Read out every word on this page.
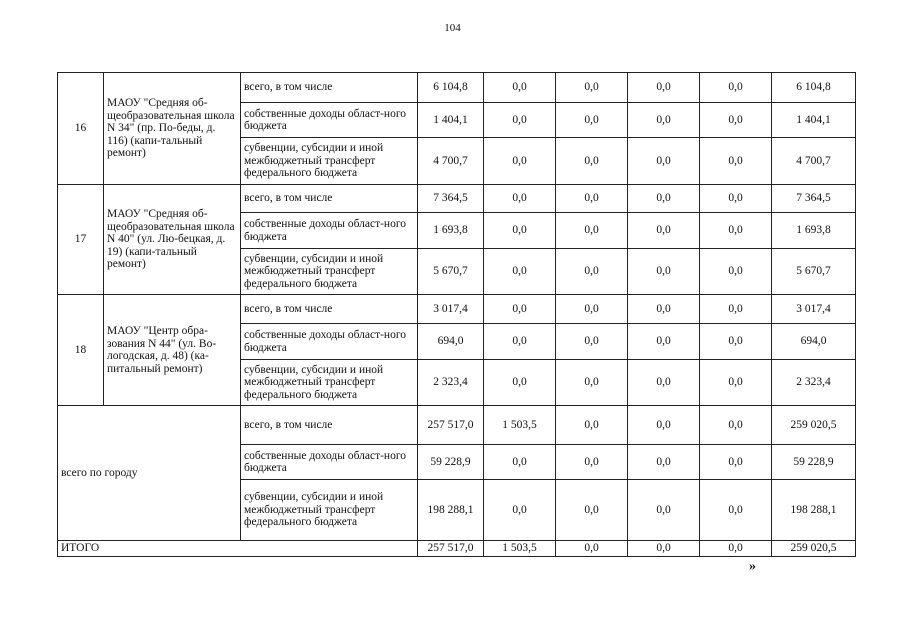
104
16	МАОУ "Средняя об-щеобразовательная школа N 34" (пр. По-беды, д. 116) (капи-тальный ремонт)	всего, в том числе	6 104,8	0,0	0,0	0,0	0,0	6 104,8
		собственные доходы област-ного бюджета	1 404,1	0,0	0,0	0,0	0,0	1 404,1
		субвенции, субсидии и иной межбюджетный трансферт федерального бюджета	4 700,7	0,0	0,0	0,0	0,0	4 700,7
17	МАОУ "Средняя об-щеобразовательная школа N 40" (ул. Лю-бецкая, д. 19) (капи-тальный ремонт)	всего, в том числе	7 364,5	0,0	0,0	0,0	0,0	7 364,5
		собственные доходы област-ного бюджета	1 693,8	0,0	0,0	0,0	0,0	1 693,8
		субвенции, субсидии и иной межбюджетный трансферт федерального бюджета	5 670,7	0,0	0,0	0,0	0,0	5 670,7
18	МАОУ "Центр обра-зования N 44" (ул. Во-логодская, д. 48) (ка-питальный ремонт)	всего, в том числе	3 017,4	0,0	0,0	0,0	0,0	3 017,4
		собственные доходы област-ного бюджета	694,0	0,0	0,0	0,0	0,0	694,0
		субвенции, субсидии и иной межбюджетный трансферт федерального бюджета	2 323,4	0,0	0,0	0,0	0,0	2 323,4
всего по городу		всего, в том числе	257 517,0	1 503,5	0,0	0,0	0,0	259 020,5
		собственные доходы област-ного бюджета	59 228,9	0,0	0,0	0,0	0,0	59 228,9
		субвенции, субсидии и иной межбюджетный трансферт федерального бюджета	198 288,1	0,0	0,0	0,0	0,0	198 288,1
ИТОГО			257 517,0	1 503,5	0,0	0,0	0,0	259 020,5
»
